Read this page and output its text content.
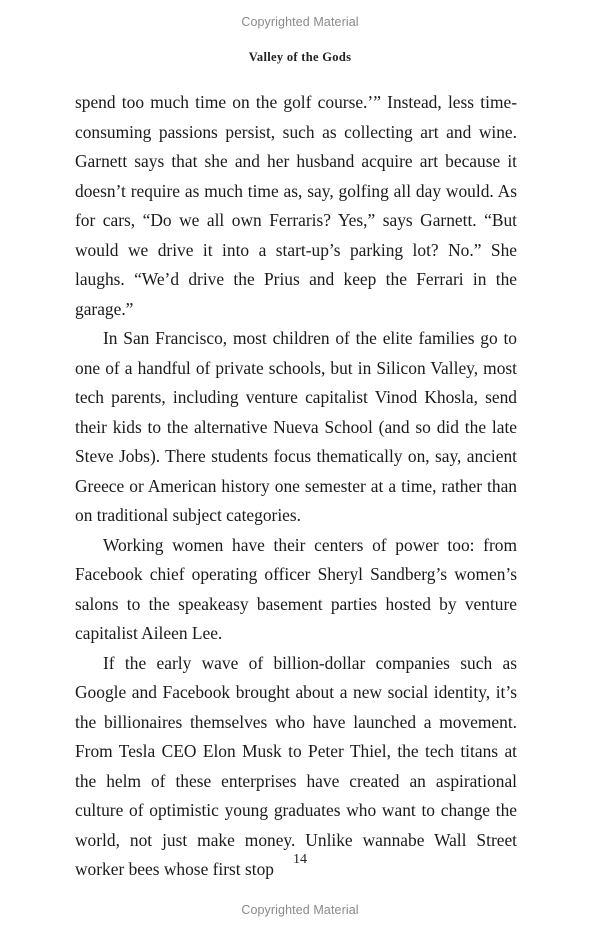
Copyrighted Material
Valley of the Gods

spend too much time on the golf course.’” Instead, less time-consuming passions persist, such as collecting art and wine. Garnett says that she and her husband acquire art because it doesn’t require as much time as, say, golfing all day would. As for cars, “Do we all own Ferraris? Yes,” says Garnett. “But would we drive it into a start-up’s parking lot? No.” She laughs. “We’d drive the Prius and keep the Ferrari in the garage.”

In San Francisco, most children of the elite families go to one of a handful of private schools, but in Silicon Valley, most tech parents, including venture capitalist Vinod Khosla, send their kids to the alternative Nueva School (and so did the late Steve Jobs). There students focus thematically on, say, ancient Greece or American history one semester at a time, rather than on traditional subject categories.

Working women have their centers of power too: from Facebook chief operating officer Sheryl Sandberg’s women’s salons to the speakeasy basement parties hosted by venture capitalist Aileen Lee.

If the early wave of billion-dollar companies such as Google and Facebook brought about a new social identity, it’s the billionaires themselves who have launched a movement. From Tesla CEO Elon Musk to Peter Thiel, the tech titans at the helm of these enterprises have created an aspirational culture of optimistic young graduates who want to change the world, not just make money. Unlike wannabe Wall Street worker bees whose first stop	14
Copyrighted Material
